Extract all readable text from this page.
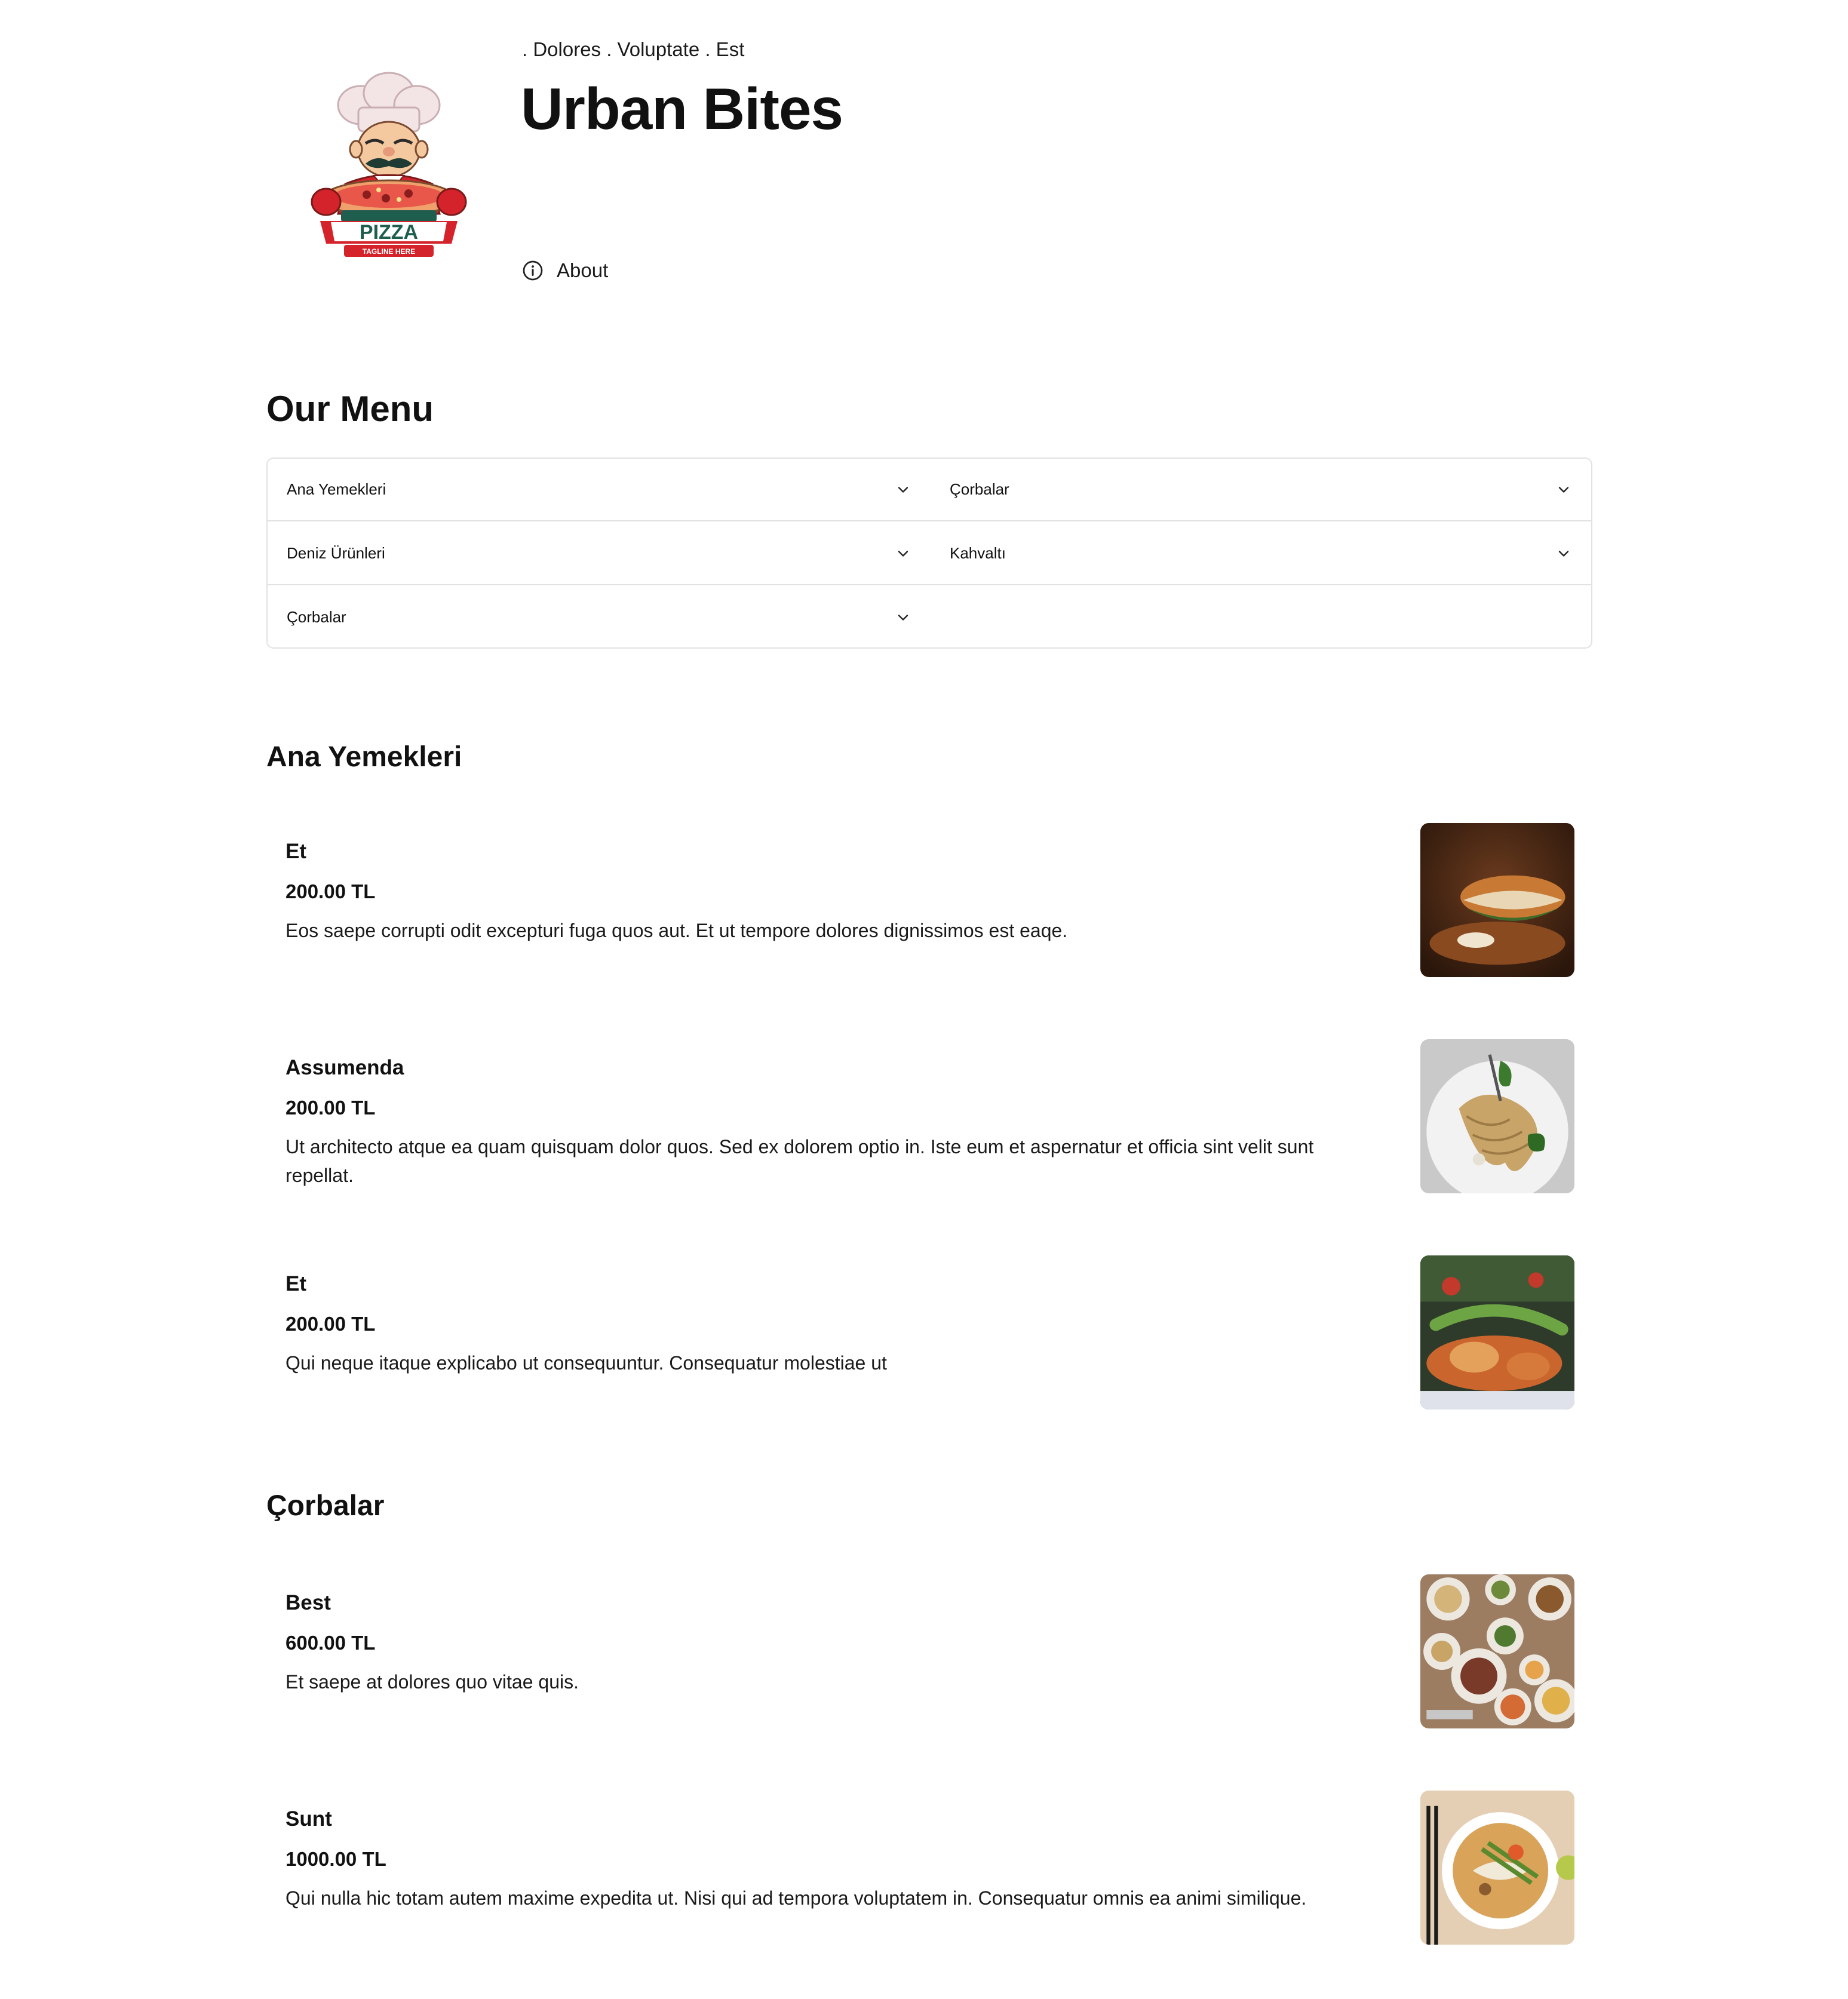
PIZZA
TAGLINE HERE
. Dolores . Voluptate . Est
Urban Bites
About
Our Menu
Ana Yemekleri	Çorbalar
Deniz Ürünleri	Kahvaltı
Çorbalar
Ana Yemekleri
Et
200.00 TL
Eos saepe corrupti odit excepturi fuga quos aut. Et ut tempore dolores dignissimos est eaqe.
Assumenda
200.00 TL
Ut architecto atque ea quam quisquam dolor quos. Sed ex dolorem optio in. Iste eum et aspernatur et officia sint velit sunt repellat.
Et
200.00 TL
Qui neque itaque explicabo ut consequuntur. Consequatur molestiae ut
Çorbalar
Best
600.00 TL
Et saepe at dolores quo vitae quis.
Sunt
1000.00 TL
Qui nulla hic totam autem maxime expedita ut. Nisi qui ad tempora voluptatem in. Consequatur omnis ea animi similique.
